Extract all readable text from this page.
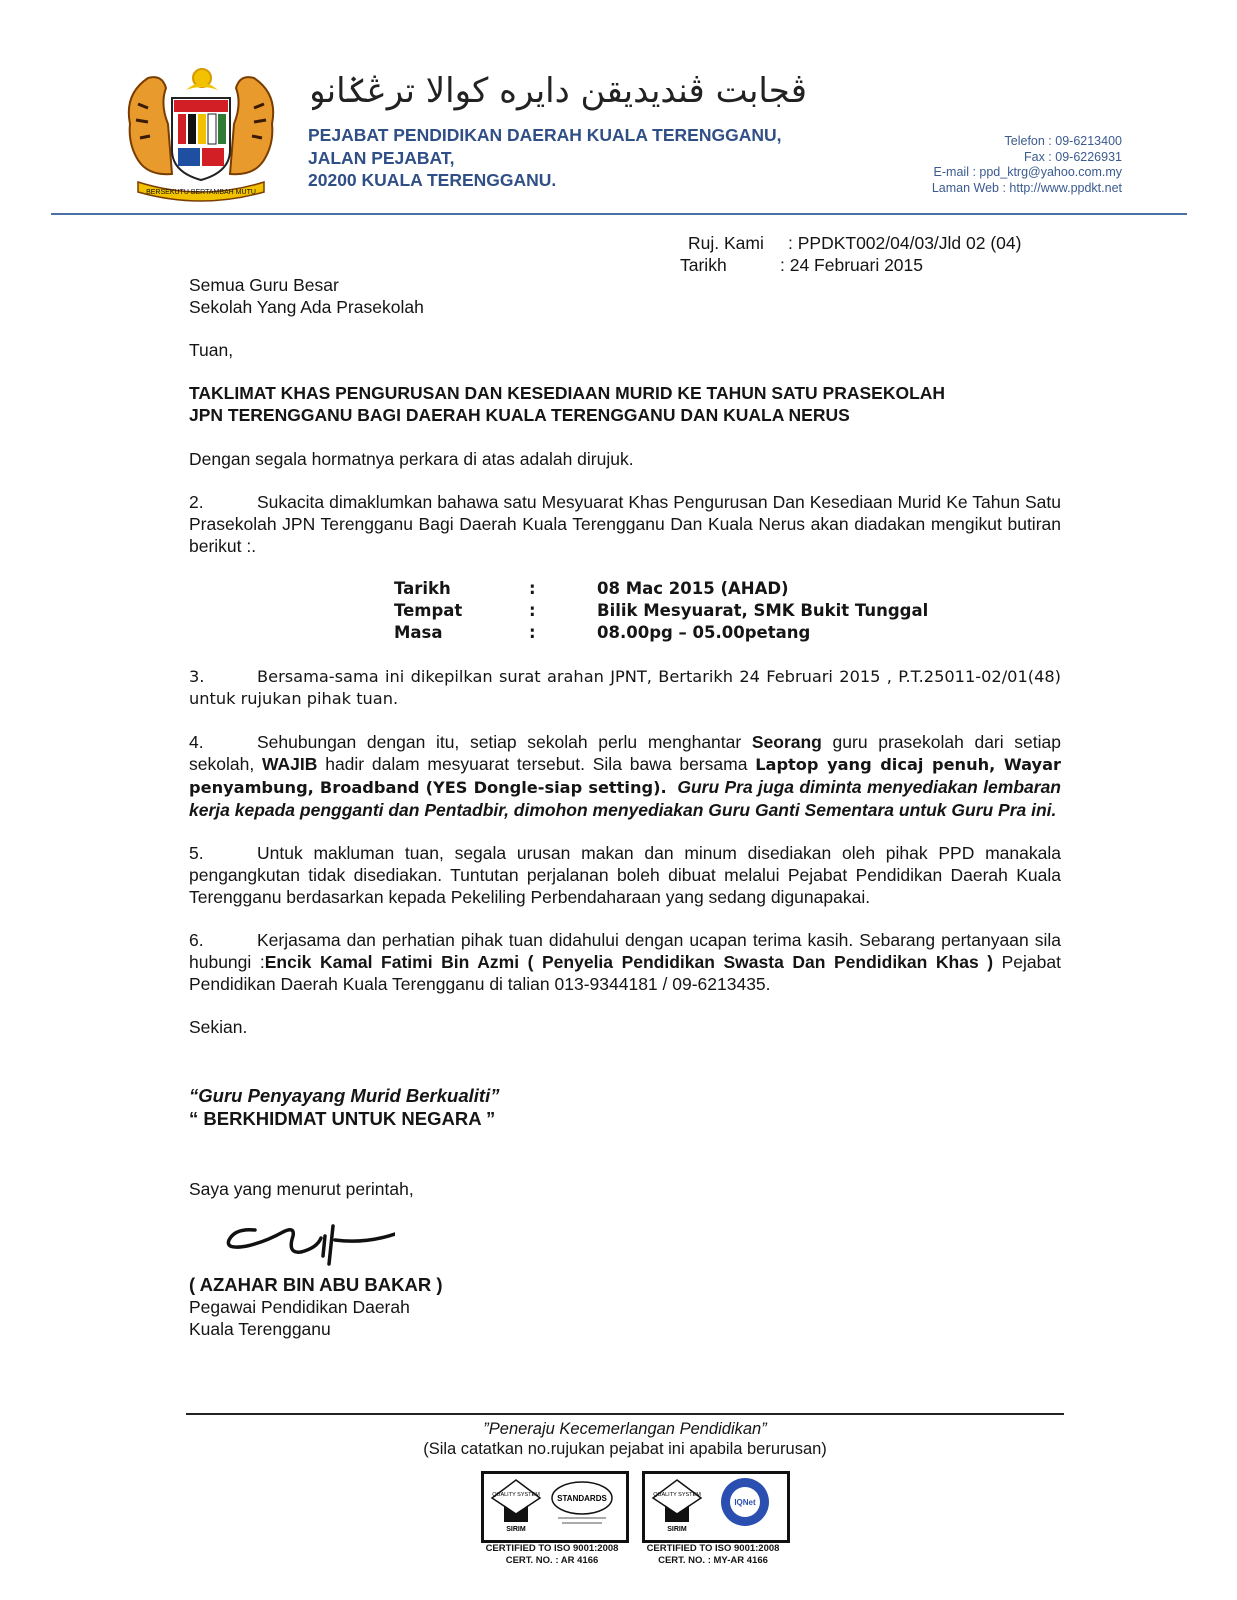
BERSEKUTU BERTAMBAH MUTU
ڤجابت ڤنديديقن دايره كوالا ترڠݢانو
PEJABAT PENDIDIKAN DAERAH KUALA TERENGGANU,
JALAN PEJABAT,
20200 KUALA TERENGGANU.
Telefon : 09-6213400
Fax : 09-6226931
E-mail : ppd_ktrg@yahoo.com.my
Laman Web : http://www.ppdkt.net
Ruj. Kami : PPDKT002/04/03/Jld 02 (04)
Tarikh	: 24 Februari 2015
Semua Guru Besar
Sekolah Yang Ada Prasekolah

Tuan,

TAKLIMAT KHAS PENGURUSAN DAN KESEDIAAN MURID KE TAHUN SATU PRASEKOLAH
JPN TERENGGANU BAGI DAERAH KUALA TERENGGANU DAN KUALA NERUS

Dengan segala hormatnya perkara di atas adalah dirujuk.

2.	Sukacita dimaklumkan bahawa satu Mesyuarat Khas Pengurusan Dan Kesediaan Murid Ke Tahun Satu Prasekolah JPN Terengganu Bagi Daerah Kuala Terengganu Dan Kuala Nerus akan diadakan mengikut butiran berikut :.

Tarikh	:	08 Mac 2015 (AHAD)
Tempat	:	Bilik Mesyuarat, SMK Bukit Tunggal
Masa	:	08.00pg – 05.00petang

3.	Bersama-sama ini dikepilkan surat arahan JPNT, Bertarikh 24 Februari 2015 , P.T.25011-02/01(48) untuk rujukan pihak tuan.

4.	Sehubungan dengan itu, setiap sekolah perlu menghantar Seorang guru prasekolah dari setiap sekolah, WAJIB hadir dalam mesyuarat tersebut. Sila bawa bersama Laptop yang dicaj penuh, Wayar penyambung, Broadband (YES Dongle-siap setting). Guru Pra juga diminta menyediakan lembaran kerja kepada pengganti dan Pentadbir, dimohon menyediakan Guru Ganti Sementara untuk Guru Pra ini.

5.	Untuk makluman tuan, segala urusan makan dan minum disediakan oleh pihak PPD manakala pengangkutan tidak disediakan. Tuntutan perjalanan boleh dibuat melalui Pejabat Pendidikan Daerah Kuala Terengganu berdasarkan kepada Pekeliling Perbendaharaan yang sedang digunapakai.

6.	Kerjasama dan perhatian pihak tuan didahului dengan ucapan terima kasih. Sebarang pertanyaan sila hubungi :Encik Kamal Fatimi Bin Azmi ( Penyelia Pendidikan Swasta Dan Pendidikan Khas ) Pejabat Pendidikan Daerah Kuala Terengganu di talian 013-9344181 / 09-6213435.

Sekian.

“Guru Penyayang Murid Berkualiti”
“ BERKHIDMAT UNTUK NEGARA ”
Saya yang menurut perintah,
( AZAHAR BIN ABU BAKAR )
Pegawai Pendidikan Daerah
Kuala Terengganu
”Peneraju Kecemerlangan Pendidikan”
(Sila catatkan no.rujukan pejabat ini apabila berurusan)
QUALITY SYSTEM
SIRIM
STANDARDS	QUALITY SYSTEM
SIRIM
IQNet
CERTIFIED TO ISO 9001:2008
CERT. NO. : AR 4166
CERTIFIED TO ISO 9001:2008
CERT. NO. : MY-AR 4166
